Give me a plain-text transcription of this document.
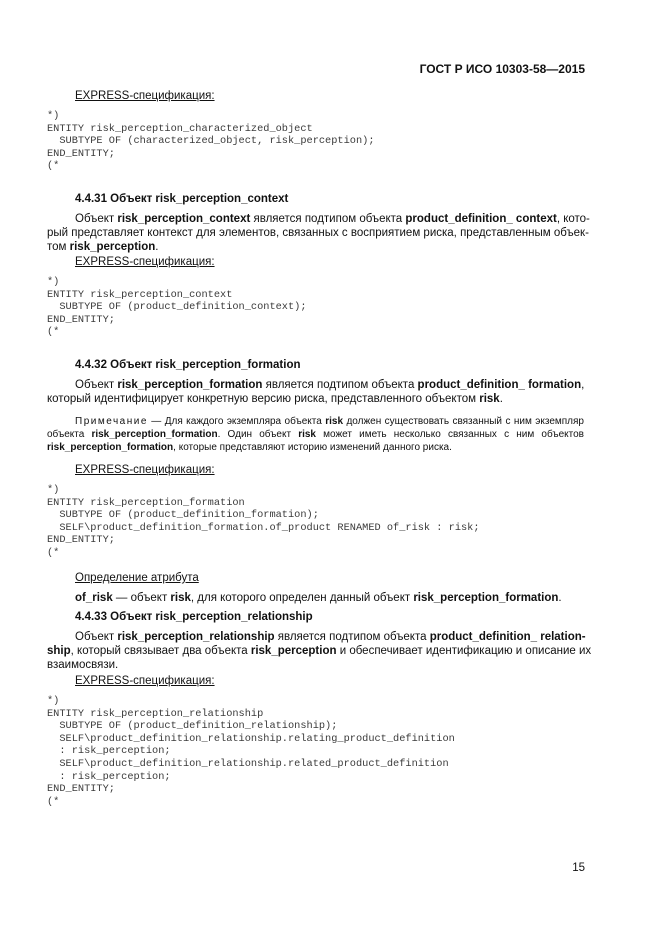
ГОСТ Р ИСО 10303-58—2015
EXPRESS-спецификация:
*)
ENTITY risk_perception_characterized_object
SUBTYPE OF (characterized_object, risk_perception);
END_ENTITY;
(*
4.4.31 Объект risk_perception_context
Объект risk_perception_context является подтипом объекта product_definition_ context, кото-
рый представляет контекст для элементов, связанных с восприятием риска, представленным объек-
том risk_perception.
EXPRESS-спецификация:
*)
ENTITY risk_perception_context
SUBTYPE OF (product_definition_context);
END_ENTITY;
(*
4.4.32 Объект risk_perception_formation
Объект risk_perception_formation является подтипом объекта product_definition_ formation,
который идентифицирует конкретную версию риска, представленного объектом risk.
Примечание — Для каждого экземпляра объекта risk должен существовать связанный с ним экземпляр
объекта risk_perception_formation. Один объект risk может иметь несколько связанных с ним объектов
risk_perception_formation, которые представляют историю изменений данного риска.
EXPRESS-спецификация:
*)
ENTITY risk_perception_formation
SUBTYPE OF (product_definition_formation);
SELF\product_definition_formation.of_product RENAMED of_risk : risk;
END_ENTITY;
(*
Определение атрибута
of_risk — объект risk, для которого определен данный объект risk_perception_formation.
4.4.33 Объект risk_perception_relationship
Объект risk_perception_relationship является подтипом объекта product_definition_ relation-
ship, который связывает два объекта risk_perception и обеспечивает идентификацию и описание их
взаимосвязи.
EXPRESS-спецификация:
*)
ENTITY risk_perception_relationship
SUBTYPE OF (product_definition_relationship);
SELF\product_definition_relationship.relating_product_definition
: risk_perception;
SELF\product_definition_relationship.related_product_definition
: risk_perception;
END_ENTITY;
(*
15
